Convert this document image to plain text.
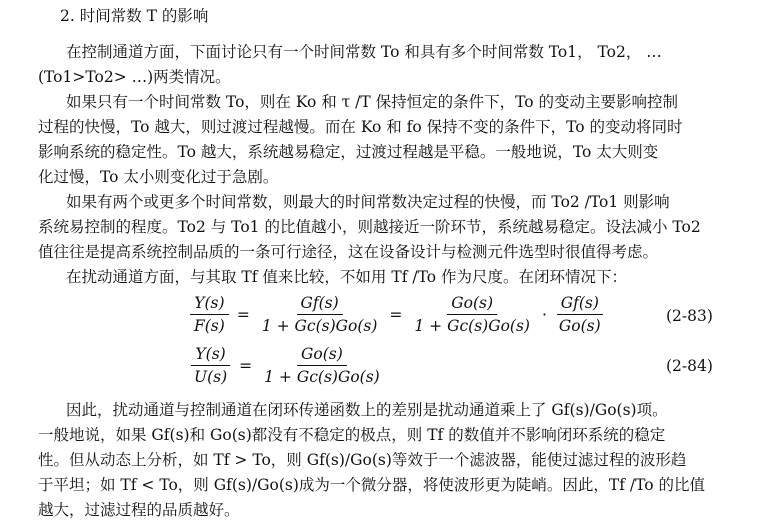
2. 时间常数 T 的影响
在控制通道方面，下面讨论只有一个时间常数 To 和具有多个时间常数 To1， To2， …
(To1>To2> …)两类情况。
如果只有一个时间常数 To，则在 Ko 和 τ /T 保持恒定的条件下，To 的变动主要影响控制
过程的快慢，To 越大，则过渡过程越慢。而在 Ko 和 fo 保持不变的条件下，To 的变动将同时
影响系统的稳定性。To 越大，系统越易稳定，过渡过程越是平稳。一般地说，To 太大则变
化过慢，To 太小则变化过于急剧。
如果有两个或更多个时间常数，则最大的时间常数决定过程的快慢，而 To2 /To1 则影响
系统易控制的程度。To2 与 To1 的比值越小，则越接近一阶环节，系统越易稳定。设法减小 To2
值往往是提高系统控制品质的一条可行途径，这在设备设计与检测元件选型时很值得考虑。
在扰动通道方面，与其取 Tf 值来比较，不如用 Tf /To 作为尺度。在闭环情况下：
$\frac{Y(s)}{F(s)} = \frac{Gf(s)}{1 + Gc(s)Go(s)} = \frac{Go(s)}{1 + Gc(s)Go(s)} \cdot \frac{Gf(s)}{Go(s)}$	(2-83)
$\frac{Y(s)}{U(s)} = \frac{Go(s)}{1 + Gc(s)Go(s)}$	(2-84)
因此，扰动通道与控制通道在闭环传递函数上的差别是扰动通道乘上了 Gf(s)/Go(s)项。
一般地说，如果 Gf(s)和 Go(s)都没有不稳定的极点，则 Tf 的数值并不影响闭环系统的稳定
性。但从动态上分析，如 Tf > To，则 Gf(s)/Go(s)等效于一个滤波器，能使过滤过程的波形趋
于平坦；如 Tf < To，则 Gf(s)/Go(s)成为一个微分器，将使波形更为陡峭。因此，Tf /To 的比值
越大，过滤过程的品质越好。
